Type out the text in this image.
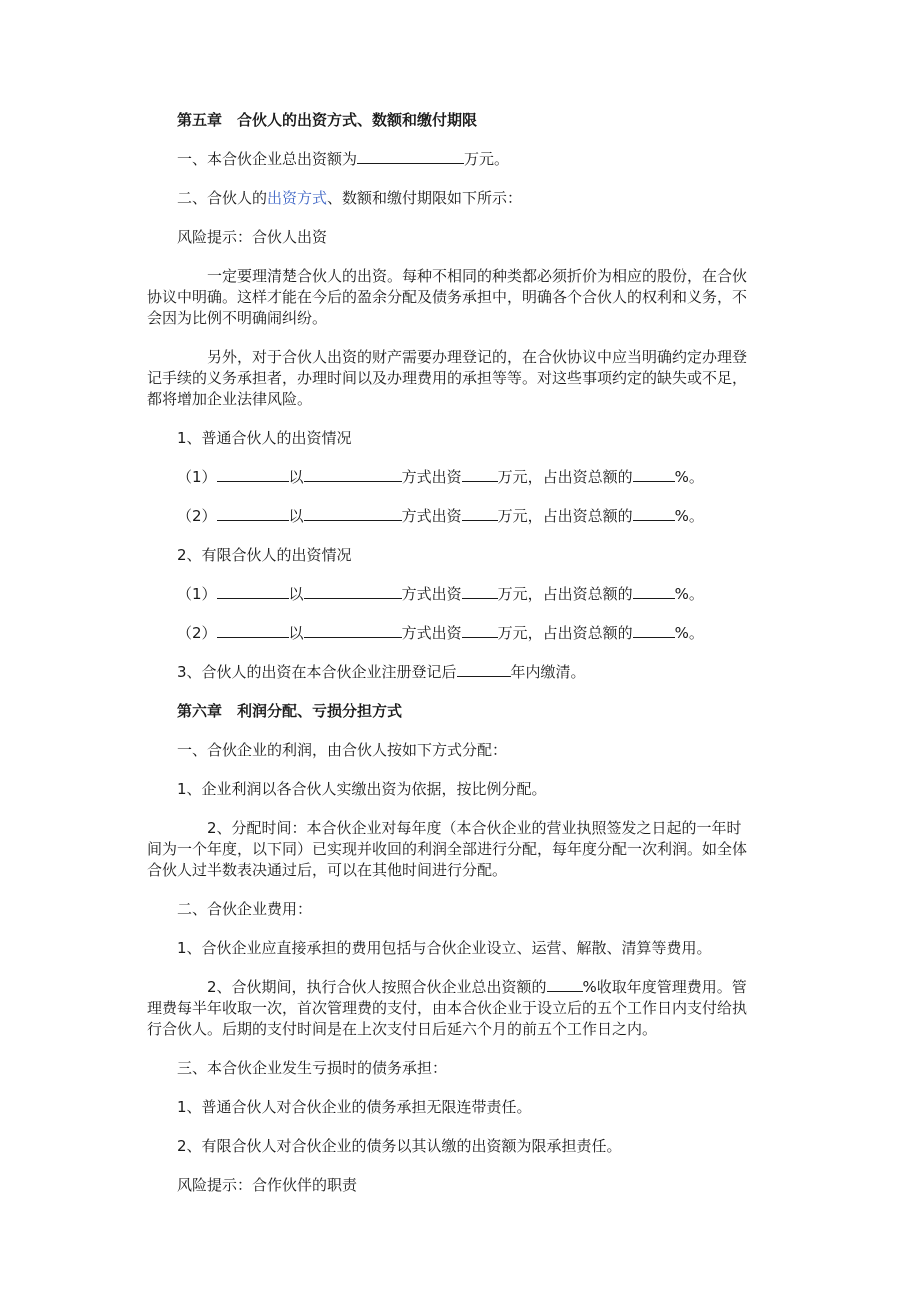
第五章　合伙人的出资方式、数额和缴付期限

一、本合伙企业总出资额为	万元。

二、合伙人的出资方式、数额和缴付期限如下所示：

风险提示：合伙人出资

一定要理清楚合伙人的出资。每种不相同的种类都必须折价为相应的股份，在合伙协议中明确。这样才能在今后的盈余分配及债务承担中，明确各个合伙人的权利和义务，不会因为比例不明确闹纠纷。

另外，对于合伙人出资的财产需要办理登记的，在合伙协议中应当明确约定办理登记手续的义务承担者，办理时间以及办理费用的承担等等。对这些事项约定的缺失或不足，都将增加企业法律风险。

1、普通合伙人的出资情况

（1）	以	方式出资 万元，占出资总额的	%。

（2）	以	方式出资 万元，占出资总额的	%。

2、有限合伙人的出资情况

（1）	以	方式出资 万元，占出资总额的	%。

（2）	以	方式出资 万元，占出资总额的	%。

3、合伙人的出资在本合伙企业注册登记后	年内缴清。

第六章　利润分配、亏损分担方式

一、合伙企业的利润，由合伙人按如下方式分配：

1、企业利润以各合伙人实缴出资为依据，按比例分配。

2、分配时间：本合伙企业对每年度（本合伙企业的营业执照签发之日起的一年时间为一个年度，以下同）已实现并收回的利润全部进行分配，每年度分配一次利润。如全体合伙人过半数表决通过后，可以在其他时间进行分配。

二、合伙企业费用：

1、合伙企业应直接承担的费用包括与合伙企业设立、运营、解散、清算等费用。

2、合伙期间，执行合伙人按照合伙企业总出资额的 %收取年度管理费用。管理费每半年收取一次，首次管理费的支付，由本合伙企业于设立后的五个工作日内支付给执行合伙人。后期的支付时间是在上次支付日后延六个月的前五个工作日之内。

三、本合伙企业发生亏损时的债务承担：

1、普通合伙人对合伙企业的债务承担无限连带责任。

2、有限合伙人对合伙企业的债务以其认缴的出资额为限承担责任。

风险提示：合作伙伴的职责
